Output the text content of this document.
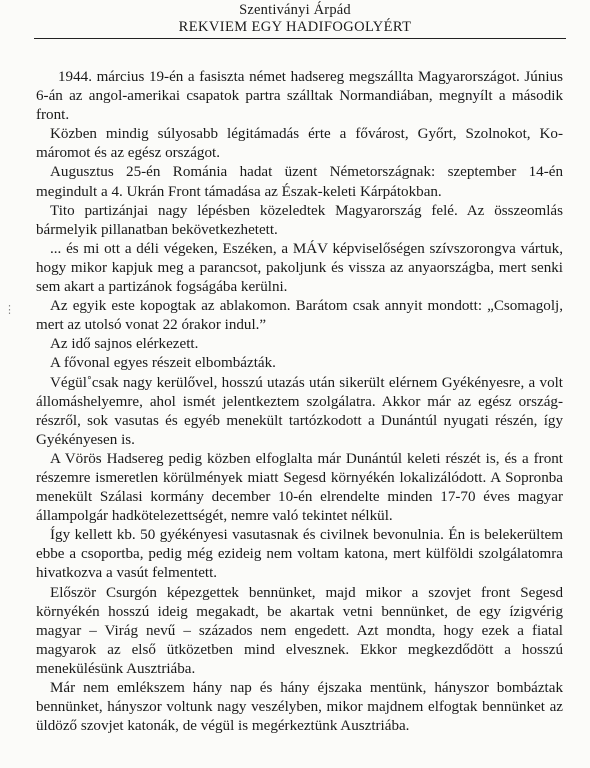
Szentiványi Árpád
REKVIEM EGY HADIFOGOLYÉRT
⋮

1944. március 19-én a fasiszta német hadsereg megszállta Magyarországot. Június 6-án az angol-amerikai csapatok partra szálltak Normandiában, megnyílt a második front.

Közben mindig súlyosabb légitámadás érte a fővárost, Győrt, Szolnokot, Komáromot és az egész országot.

Augusztus 25-én Románia hadat üzent Németországnak: szeptember 14-én megindult a 4. Ukrán Front támadása az Észak-keleti Kárpátokban.

Tito partizánjai nagy lépésben közeledtek Magyarország felé. Az összeomlás bármelyik pillanatban bekövetkezhetett.

... és mi ott a déli végeken, Eszéken, a MÁV képviselőségen szívszorongva vártuk, hogy mikor kapjuk meg a parancsot, pakoljunk és vissza az anyaországba, mert senki sem akart a partizánok fogságába kerülni.

Az egyik este kopogtak az ablakomon. Barátom csak annyit mondott: „Csomagolj, mert az utolsó vonat 22 órakor indul.”

Az idő sajnos elérkezett.

A fővonal egyes részeit elbombázták.

Végül˚csak nagy kerülővel, hosszú utazás után sikerült elérnem Gyékényesre, a volt állomáshelyemre, ahol ismét jelentkeztem szolgálatra. Akkor már az egész országrészről, sok vasutas és egyéb menekült tartózkodott a Dunántúl nyugati részén, így Gyékényesen is.

A Vörös Hadsereg pedig közben elfoglalta már Dunántúl keleti részét is, és a front részemre ismeretlen körülmények miatt Segesd környékén lokalizálódott. A Sopronba menekült Szálasi kormány december 10-én elrendelte minden 17-70 éves magyar állampolgár hadkötelezettségét, nemre való tekintet nélkül.

Így kellett kb. 50 gyékényesi vasutasnak és civilnek bevonulnia. Én is belekerültem ebbe a csoportba, pedig még ezideig nem voltam katona, mert külföldi szolgálatomra hivatkozva a vasút felmentett.

Először Csurgón képezgettek bennünket, majd mikor a szovjet front Segesd környékén hosszú ideig megakadt, be akartak vetni bennünket, de egy ízigvérig magyar – Virág nevű – százados nem engedett. Azt mondta, hogy ezek a fiatal magyarok az első ütközetben mind elvesznek. Ekkor megkezdődött a hosszú menekülésünk Ausztriába.

Már nem emlékszem hány nap és hány éjszaka mentünk, hányszor bombáztak bennünket, hányszor voltunk nagy veszélyben, mikor majdnem elfogtak bennünket az üldöző szovjet katonák, de végül is megérkeztünk Ausztriába.
